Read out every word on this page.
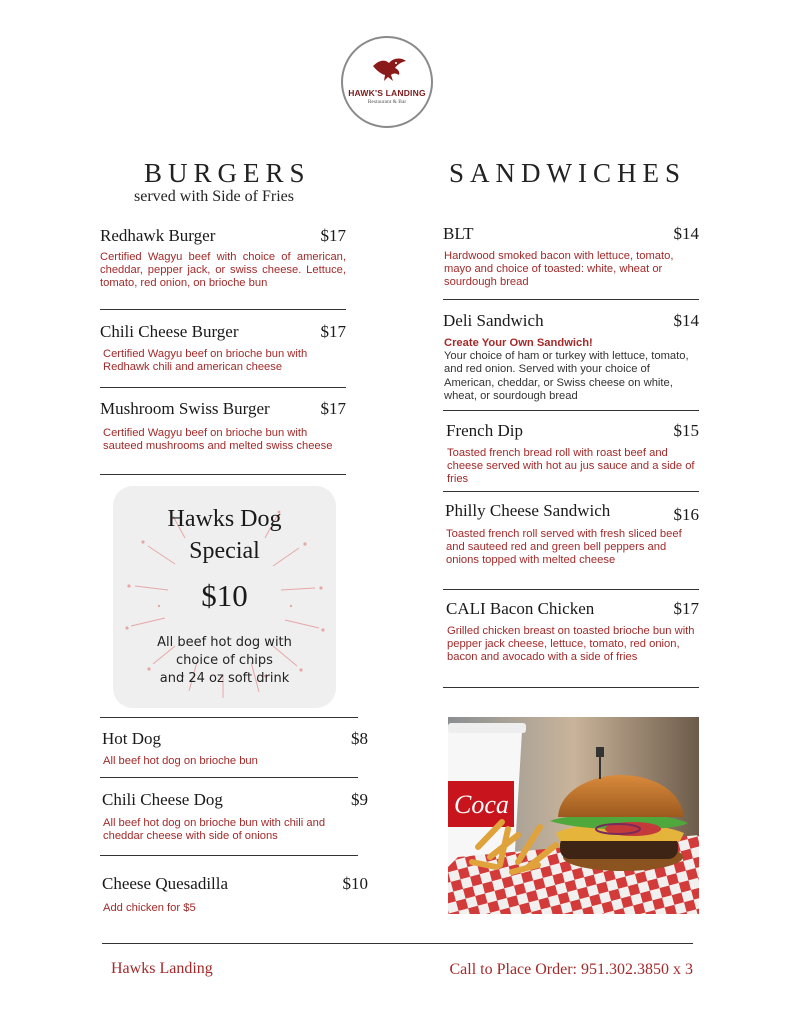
HAWK'S LANDING
Restaurant & Bar
BURGERS
served with Side of Fries
Redhawk Burger	$17
Certified Wagyu beef with choice of american, cheddar, pepper jack, or swiss cheese. Lettuce, tomato, red onion, on brioche bun
Chili Cheese Burger	$17
Certified Wagyu beef on brioche bun with Redhawk chili and american cheese
Mushroom Swiss Burger	$17
Certified Wagyu beef on brioche bun with sauteed mushrooms and melted swiss cheese
Hawks Dog
Special
$10
All beef hot dog with
choice of chips
and 24 oz soft drink
Hot Dog	$8
All beef hot dog on brioche bun
Chili Cheese Dog	$9
All beef hot dog on brioche bun with chili and cheddar cheese with side of onions
Cheese Quesadilla	$10
Add chicken for $5
SANDWICHES
BLT	$14
Hardwood smoked bacon with lettuce, tomato, mayo and choice of toasted: white, wheat or sourdough bread
Deli Sandwich	$14
Create Your Own Sandwich!
Your choice of ham or turkey with lettuce, tomato, and red onion. Served with your choice of American, cheddar, or Swiss cheese on white, wheat, or sourdough bread
French Dip	$15
Toasted french bread roll with roast beef and cheese served with hot au jus sauce and a side of fries
Philly Cheese Sandwich	$16
Toasted french roll served with fresh sliced beef and sauteed red and green bell peppers and onions topped with melted cheese
CALI Bacon Chicken	$17
Grilled chicken breast on toasted brioche bun with pepper jack cheese, lettuce, tomato, red onion, bacon and avocado with a side of fries
Coca
Hawks Landing	Call to Place Order: 951.302.3850 x 3
